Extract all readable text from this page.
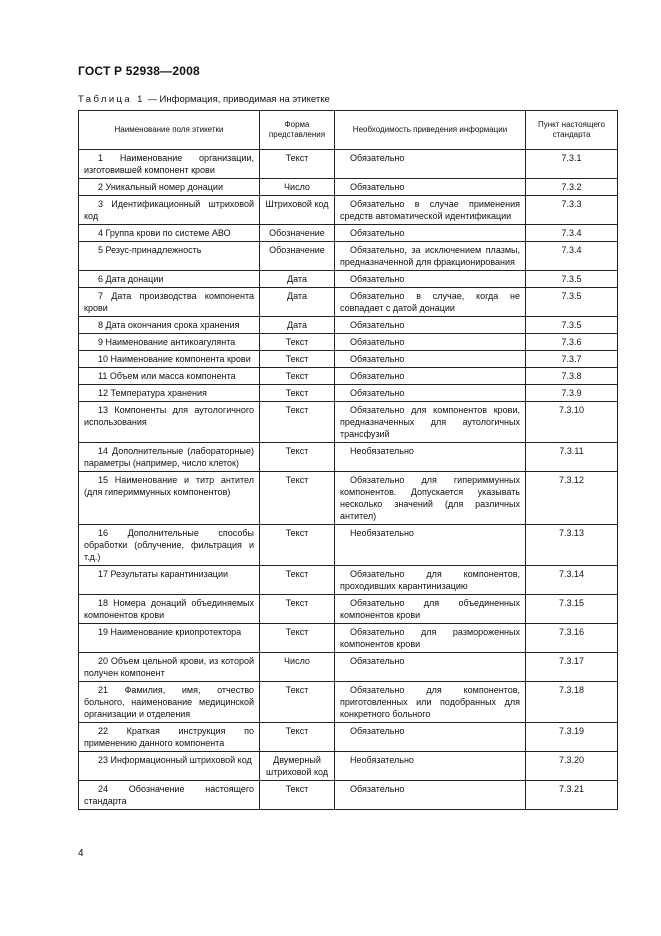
ГОСТ Р 52938—2008
Таблица 1 — Информация, приводимая на этикетке
Наименование поля этикетки	Форма представления	Необходимость приведения информации	Пункт настоящего стандарта
1 Наименование организации, изготовившей компонент крови	Текст	Обязательно	7.3.1
2 Уникальный номер донации	Число	Обязательно	7.3.2
3 Идентификационный штриховой код	Штриховой код	Обязательно в случае применения средств автоматической идентификации	7.3.3
4 Группа крови по системе АВО	Обозначение	Обязательно	7.3.4
5 Резус-принадлежность	Обозначение	Обязательно, за исключением плазмы, предназначенной для фракционирования	7.3.4
6 Дата донации	Дата	Обязательно	7.3.5
7 Дата производства компонента крови	Дата	Обязательно в случае, когда не совпадает с датой донации	7.3.5
8 Дата окончания срока хранения	Дата	Обязательно	7.3.5
9 Наименование антикоагулянта	Текст	Обязательно	7.3.6
10 Наименование компонента крови	Текст	Обязательно	7.3.7
11 Объем или масса компонента	Текст	Обязательно	7.3.8
12 Температура хранения	Текст	Обязательно	7.3.9
13 Компоненты для аутологичного использования	Текст	Обязательно для компонентов крови, предназначенных для аутологичных трансфузий	7.3.10
14 Дополнительные (лабораторные) параметры (например, число клеток)	Текст	Необязательно	7.3.11
15 Наименование и титр антител (для гипериммунных компонентов)	Текст	Обязательно для гипериммунных компонентов. Допускается указывать несколько значений (для различных антител)	7.3.12
16 Дополнительные способы обработки (облучение, фильтрация и т.д.)	Текст	Необязательно	7.3.13
17 Результаты карантинизации	Текст	Обязательно для компонентов, проходивших карантинизацию	7.3.14
18 Номера донаций объединяемых компонентов крови	Текст	Обязательно для объединенных компонентов крови	7.3.15
19 Наименование криопротектора	Текст	Обязательно для размороженных компонентов крови	7.3.16
20 Объем цельной крови, из которой получен компонент	Число	Обязательно	7.3.17
21 Фамилия, имя, отчество больного, наименование медицинской организации и отделения	Текст	Обязательно для компонентов, приготовленных или подобранных для конкретного больного	7.3.18
22 Краткая инструкция по применению данного компонента	Текст	Обязательно	7.3.19
23 Информационный штриховой код	Двумерный штриховой код	Необязательно	7.3.20
24 Обозначение настоящего стандарта	Текст	Обязательно	7.3.21
4
